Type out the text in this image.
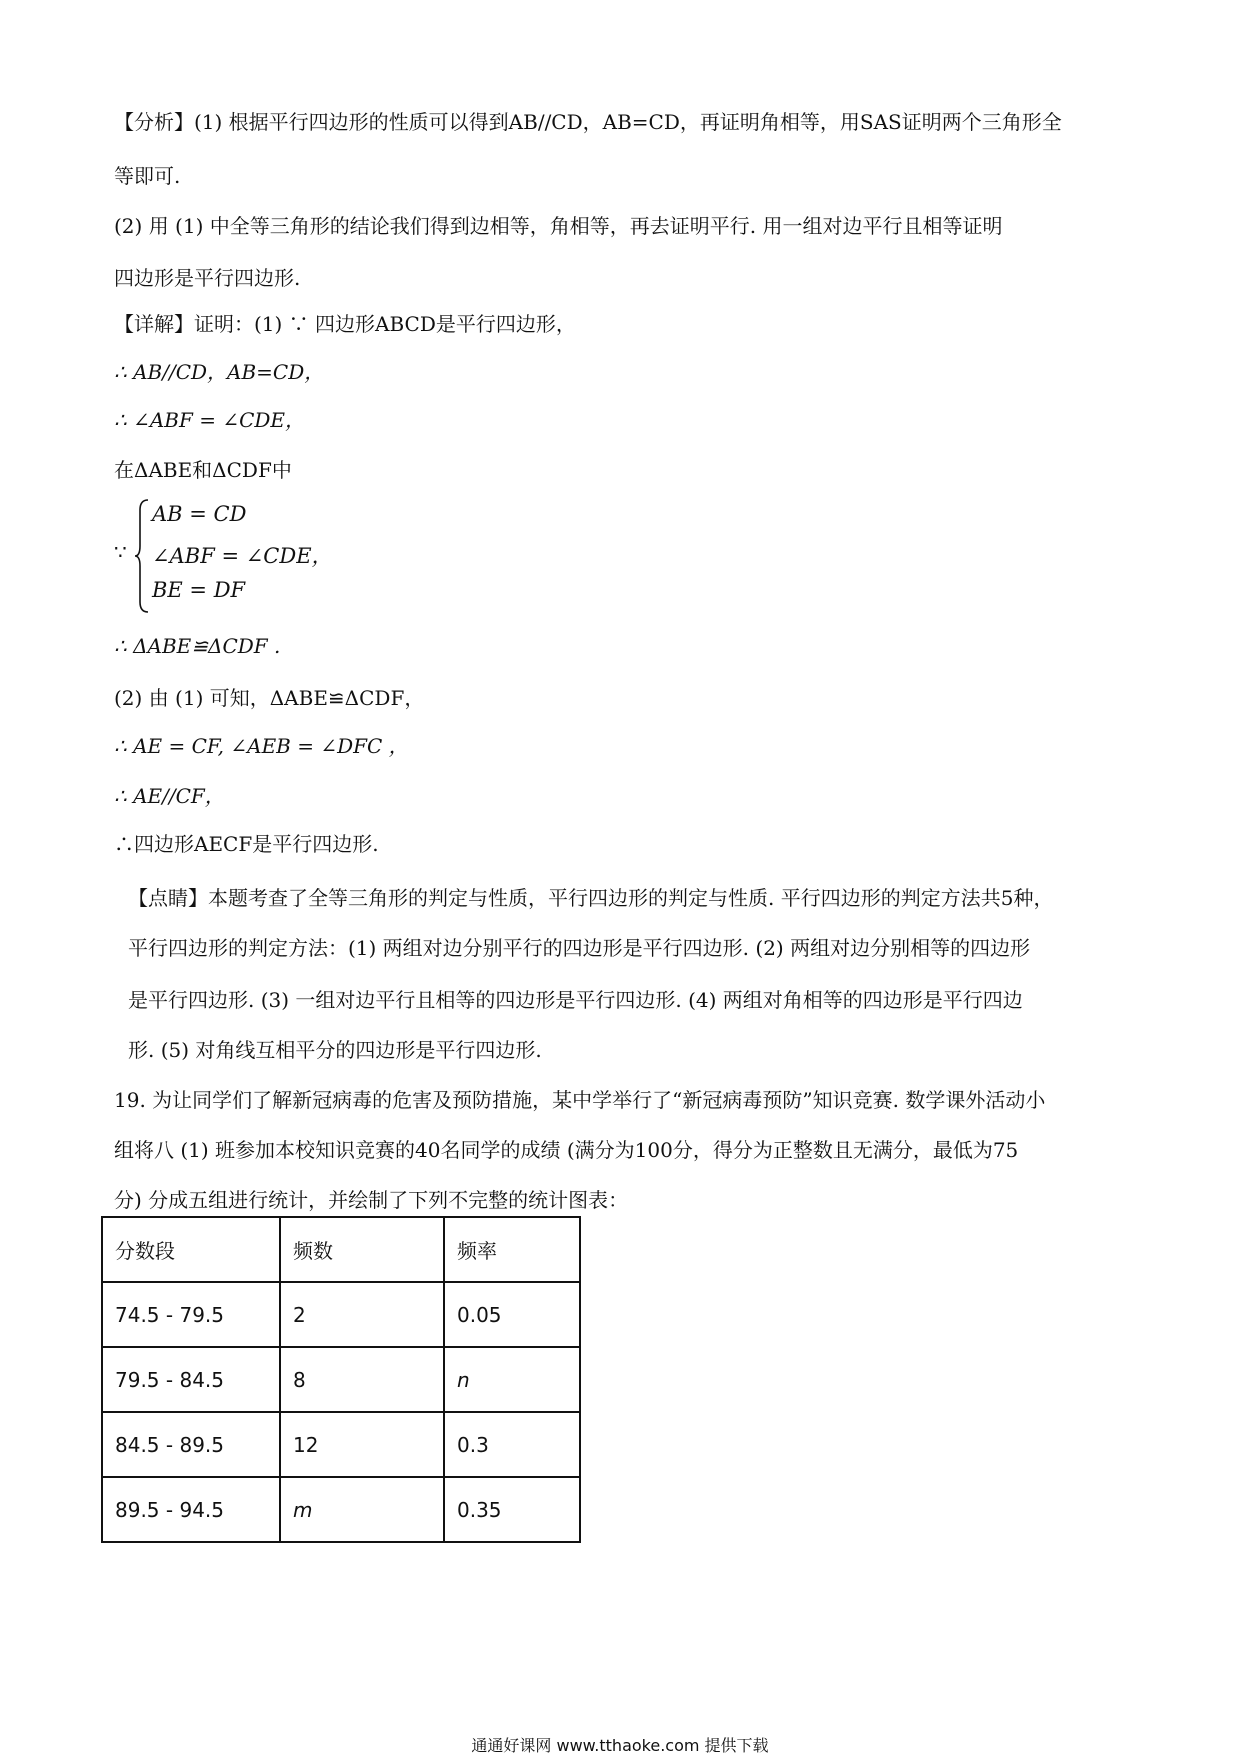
【分析】(1) 根据平行四边形的性质可以得到AB//CD，AB=CD，再证明角相等，用SAS证明两个三角形全
等即可.
(2) 用 (1) 中全等三角形的结论我们得到边相等，角相等，再去证明平行. 用一组对边平行且相等证明
四边形是平行四边形.
【详解】证明：(1) ∵ 四边形ABCD是平行四边形，
∴ AB//CD，AB=CD，
∴ ∠ABF = ∠CDE，
在ΔABE和ΔCDF中
∵
AB = CD
∠ABF = ∠CDE，
BE = DF
∴ ΔABE≌ΔCDF .
(2) 由 (1) 可知，ΔABE≌ΔCDF，
∴ AE = CF, ∠AEB = ∠DFC ，
∴ AE//CF，
∴四边形AECF是平行四边形.
【点睛】本题考查了全等三角形的判定与性质，平行四边形的判定与性质. 平行四边形的判定方法共5种，
平行四边形的判定方法：(1) 两组对边分别平行的四边形是平行四边形. (2) 两组对边分别相等的四边形
是平行四边形. (3) 一组对边平行且相等的四边形是平行四边形. (4) 两组对角相等的四边形是平行四边
形. (5) 对角线互相平分的四边形是平行四边形.
19. 为让同学们了解新冠病毒的危害及预防措施，某中学举行了“新冠病毒预防”知识竞赛. 数学课外活动小
组将八 (1) 班参加本校知识竞赛的40名同学的成绩 (满分为100分，得分为正整数且无满分，最低为75
分) 分成五组进行统计，并绘制了下列不完整的统计图表：
分数段	频数	频率
74.5 - 79.5	2	0.05
79.5 - 84.5	8	n
84.5 - 89.5	12	0.3
89.5 - 94.5	m	0.35
通通好课网 www.tthaoke.com 提供下载
